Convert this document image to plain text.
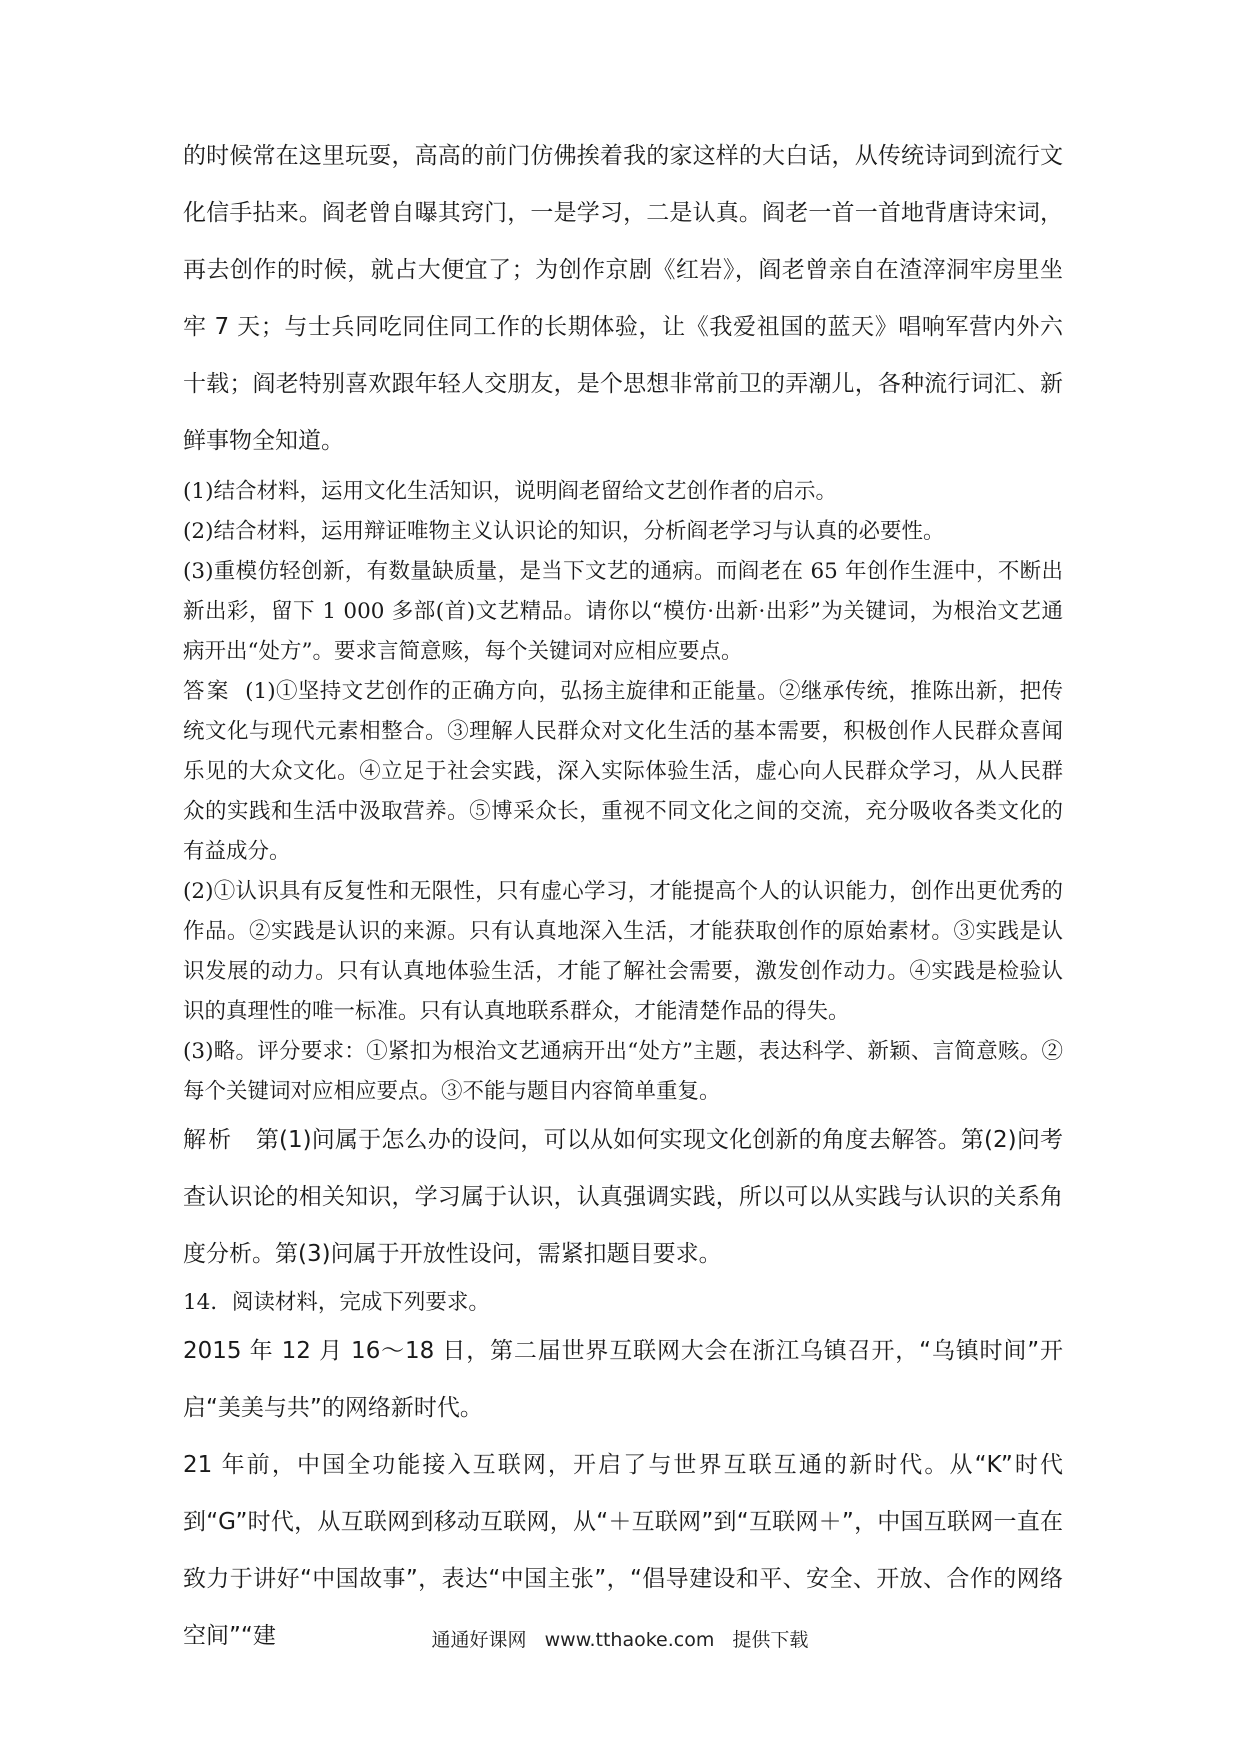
的时候常在这里玩耍，高高的前门仿佛挨着我的家这样的大白话，从传统诗词到流行文化信手拈来。阎老曾自曝其窍门，一是学习，二是认真。阎老一首一首地背唐诗宋词，再去创作的时候，就占大便宜了；为创作京剧《红岩》，阎老曾亲自在渣滓洞牢房里坐牢 7 天；与士兵同吃同住同工作的长期体验，让《我爱祖国的蓝天》唱响军营内外六十载；阎老特别喜欢跟年轻人交朋友，是个思想非常前卫的弄潮儿，各种流行词汇、新鲜事物全知道。

(1)结合材料，运用文化生活知识，说明阎老留给文艺创作者的启示。

(2)结合材料，运用辩证唯物主义认识论的知识，分析阎老学习与认真的必要性。

(3)重模仿轻创新，有数量缺质量，是当下文艺的通病。而阎老在 65 年创作生涯中，不断出新出彩，留下 1 000 多部(首)文艺精品。请你以“模仿·出新·出彩”为关键词，为根治文艺通病开出“处方”。要求言简意赅，每个关键词对应相应要点。

答案 (1)①坚持文艺创作的正确方向，弘扬主旋律和正能量。②继承传统，推陈出新，把传统文化与现代元素相整合。③理解人民群众对文化生活的基本需要，积极创作人民群众喜闻乐见的大众文化。④立足于社会实践，深入实际体验生活，虚心向人民群众学习，从人民群众的实践和生活中汲取营养。⑤博采众长，重视不同文化之间的交流，充分吸收各类文化的有益成分。

(2)①认识具有反复性和无限性，只有虚心学习，才能提高个人的认识能力，创作出更优秀的作品。②实践是认识的来源。只有认真地深入生活，才能获取创作的原始素材。③实践是认识发展的动力。只有认真地体验生活，才能了解社会需要，激发创作动力。④实践是检验认识的真理性的唯一标准。只有认真地联系群众，才能清楚作品的得失。

(3)略。评分要求：①紧扣为根治文艺通病开出“处方”主题，表达科学、新颖、言简意赅。②每个关键词对应相应要点。③不能与题目内容简单重复。

解析 第(1)问属于怎么办的设问，可以从如何实现文化创新的角度去解答。第(2)问考查认识论的相关知识，学习属于认识，认真强调实践，所以可以从实践与认识的关系角度分析。第(3)问属于开放性设问，需紧扣题目要求。

14．阅读材料，完成下列要求。

2015 年 12 月 16～18 日，第二届世界互联网大会在浙江乌镇召开，“乌镇时间”开启“美美与共”的网络新时代。

21 年前，中国全功能接入互联网，开启了与世界互联互通的新时代。从“K”时代到“G”时代，从互联网到移动互联网，从“＋互联网”到“互联网＋”，中国互联网一直在致力于讲好“中国故事”，表达“中国主张”，“倡导建设和平、安全、开放、合作的网络空间”“建	通通好课网 www.tthaoke.com 提供下载
